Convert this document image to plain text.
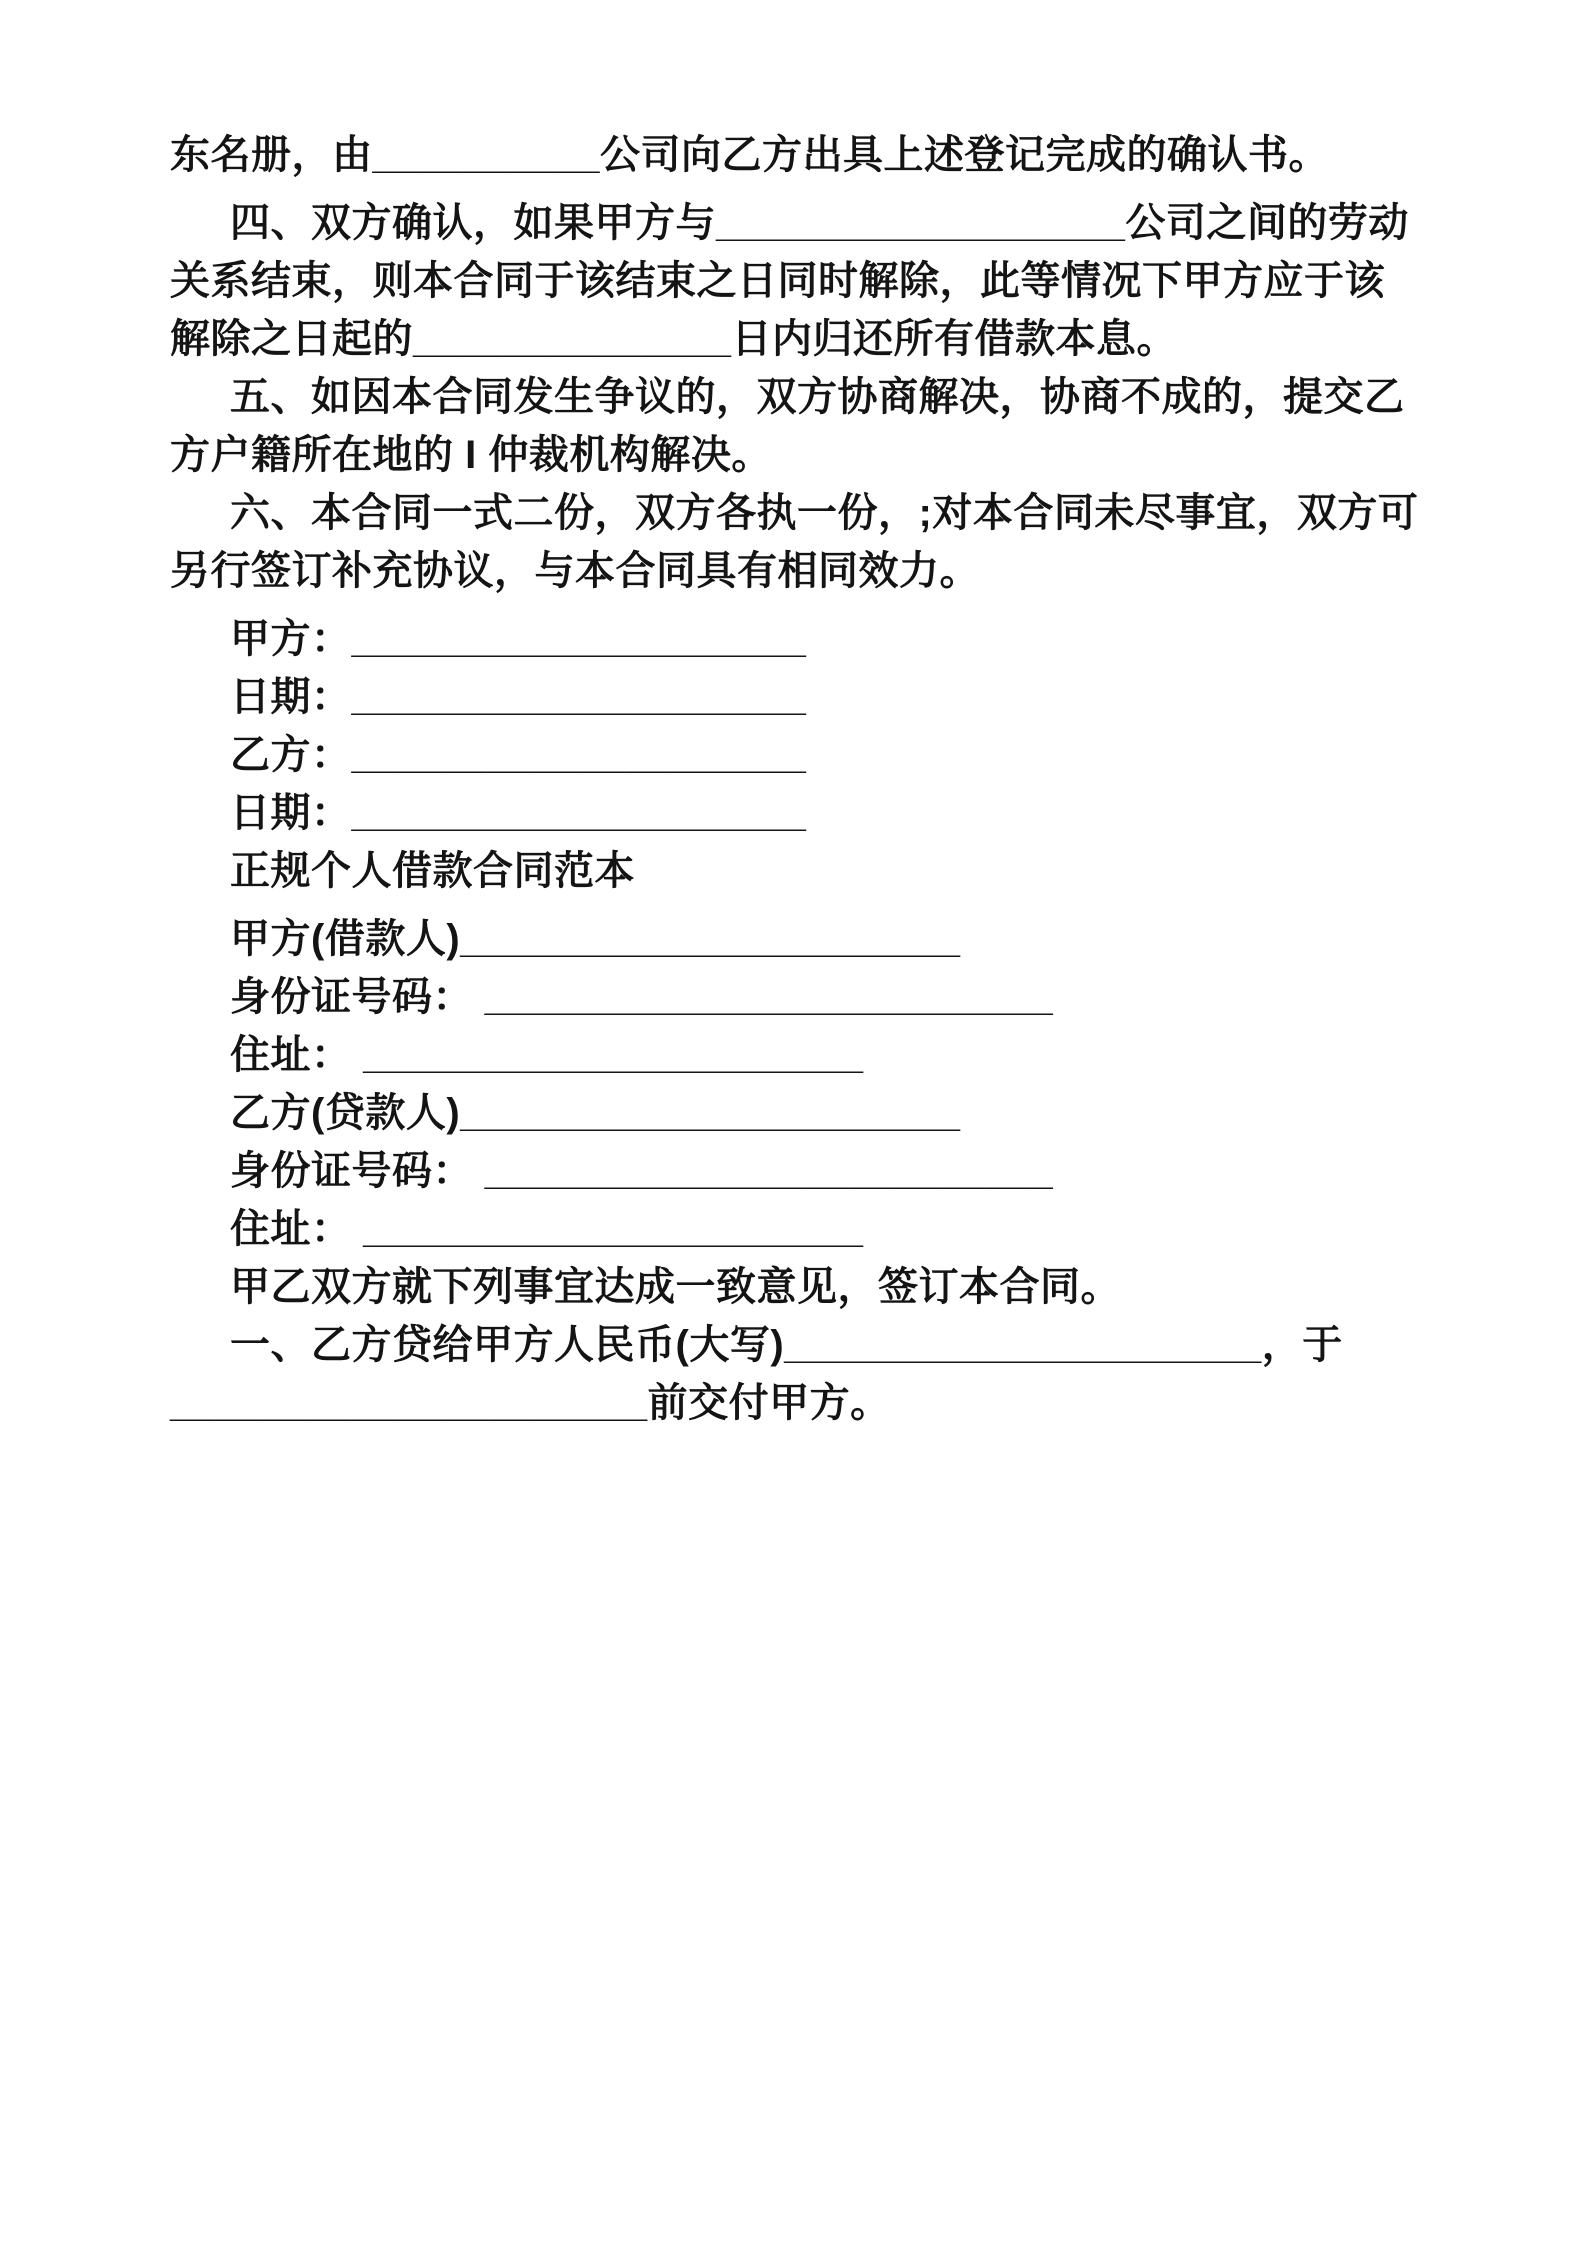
东名册，由__________公司向乙方出具上述登记完成的确认书。
四、双方确认，如果甲方与__________________公司之间的劳动
关系结束，则本合同于该结束之日同时解除，此等情况下甲方应于该
解除之日起的______________日内归还所有借款本息。
五、如因本合同发生争议的，双方协商解决，协商不成的，提交乙
方户籍所在地的 I 仲裁机构解决。
六、本合同一式二份，双方各执一份，;对本合同未尽事宜，双方可
另行签订补充协议，与本合同具有相同效力。
甲方：____________________
日期：____________________
乙方：____________________
日期：____________________
正规个人借款合同范本
甲方(借款人)______________________
身份证号码： _________________________
住址： ______________________
乙方(贷款人)______________________
身份证号码： _________________________
住址： ______________________
甲乙双方就下列事宜达成一致意见，签订本合同。
一、乙方贷给甲方人民币(大写)_____________________，于
_____________________前交付甲方。
